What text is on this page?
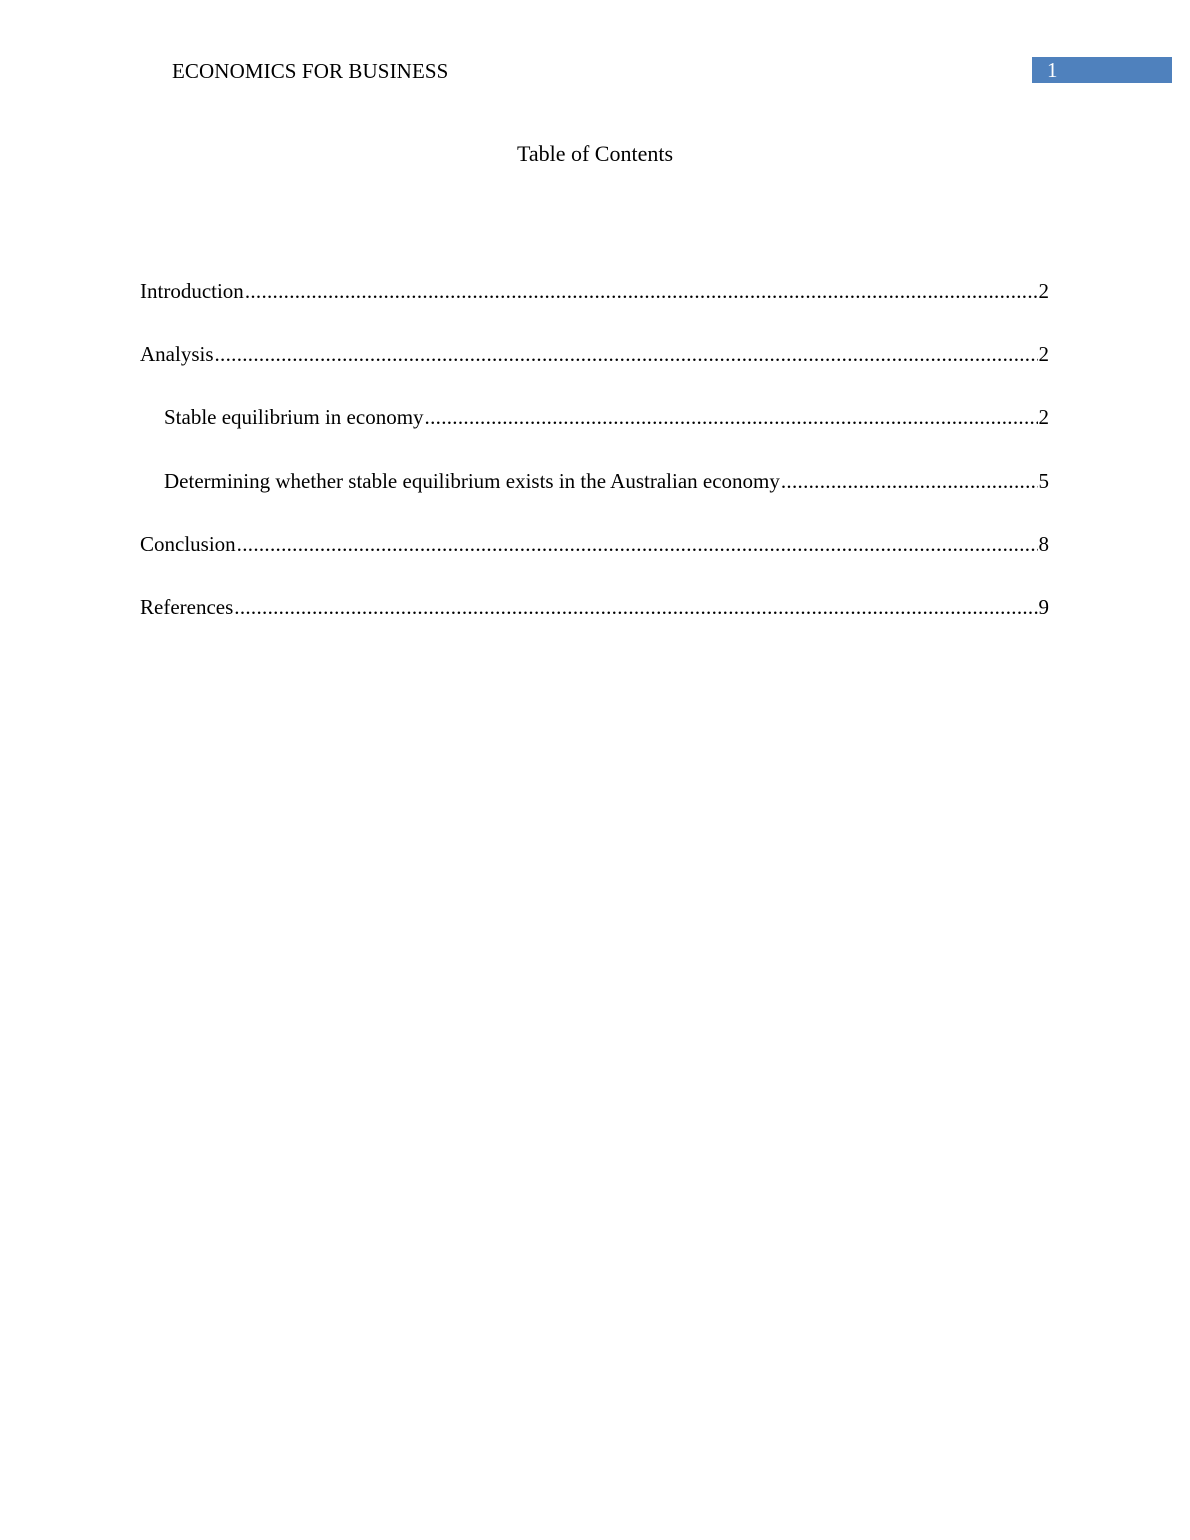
ECONOMICS FOR BUSINESS	1
Table of Contents
Introduction .....	2
Analysis .....	2
Stable equilibrium in economy .....	2
Determining whether stable equilibrium exists in the Australian economy .....	5
Conclusion .....	8
References .....	9
